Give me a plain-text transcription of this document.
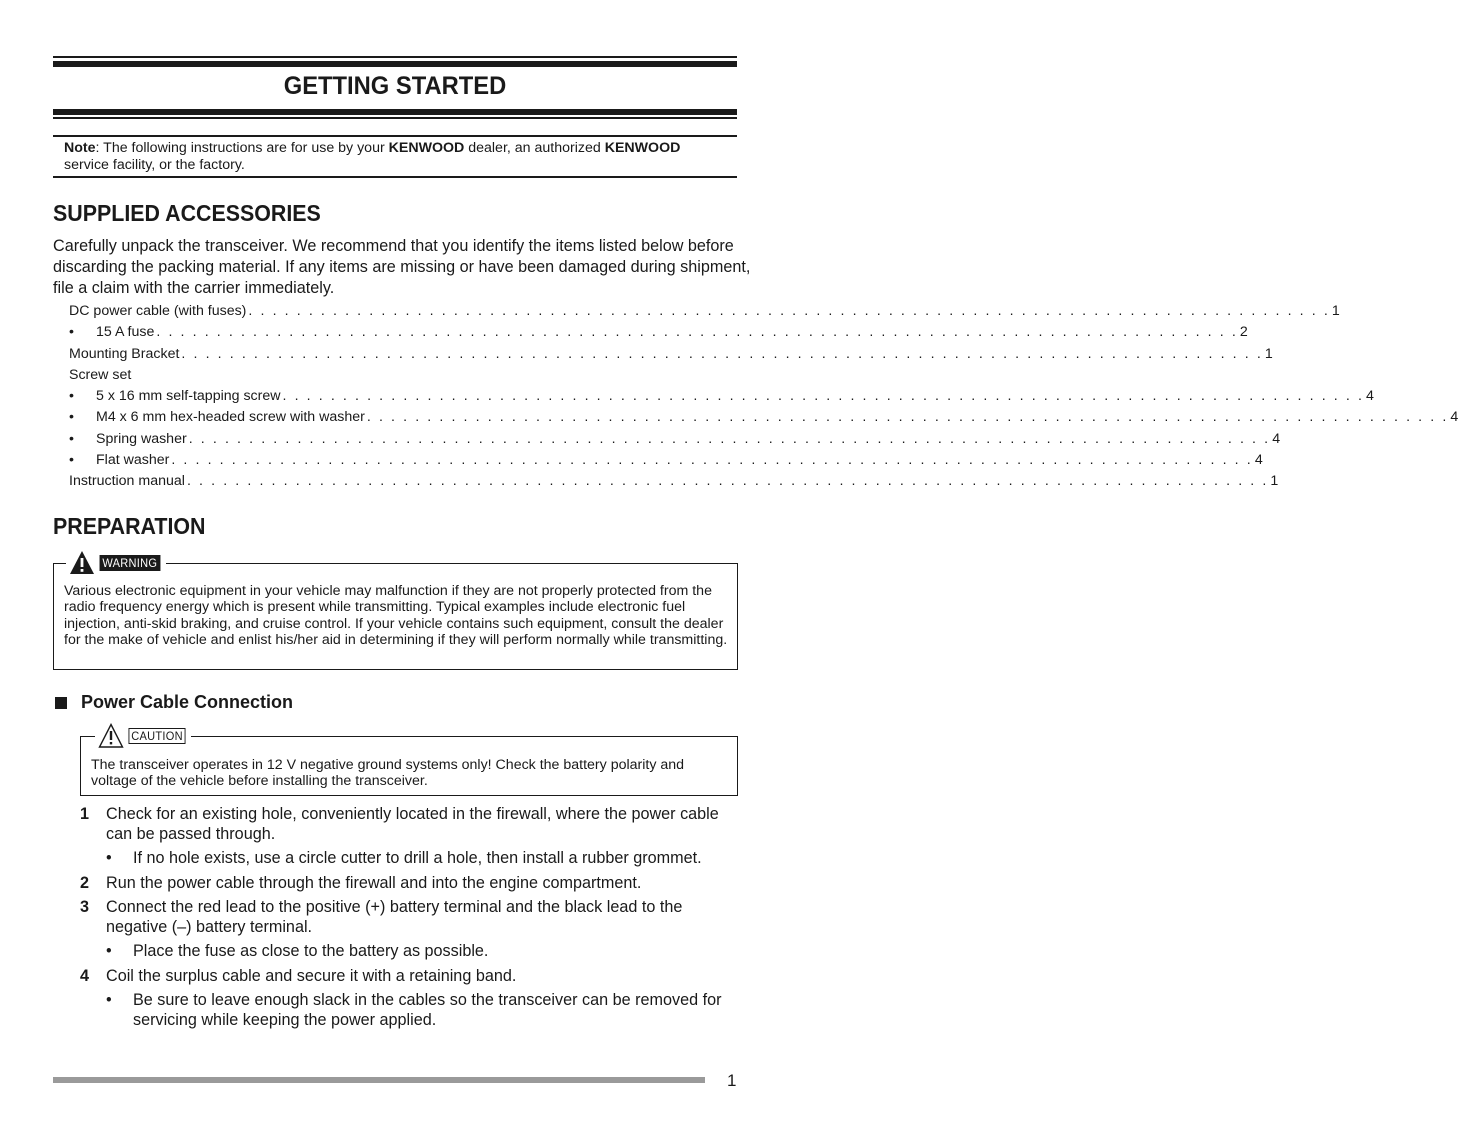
GETTING STARTED
Note: The following instructions are for use by your KENWOOD dealer, an authorized KENWOOD service facility, or the factory.
SUPPLIED ACCESSORIES
Carefully unpack the transceiver. We recommend that you identify the items listed below before discarding the packing material. If any items are missing or have been damaged during shipment, file a claim with the carrier immediately.
DC power cable (with fuses) . . . . . . . . . . . . . . . . . . . . . . . . . . . . . . . . . . . . . . . . . . . . . . . . . . . . . . . . . . . . . . . . . . . . . . . . . . . . . . . . . . . . . . . . . . 1
•	15 A fuse . . . . . . . . . . . . . . . . . . . . . . . . . . . . . . . . . . . . . . . . . . . . . . . . . . . . . . . . . . . . . . . . . . . . . . . . . . . . . . . . . . . . . . . . . . 2
Mounting Bracket . . . . . . . . . . . . . . . . . . . . . . . . . . . . . . . . . . . . . . . . . . . . . . . . . . . . . . . . . . . . . . . . . . . . . . . . . . . . . . . . . . . . . . . . . . 1
Screw set
•	5 x 16 mm self-tapping screw . . . . . . . . . . . . . . . . . . . . . . . . . . . . . . . . . . . . . . . . . . . . . . . . . . . . . . . . . . . . . . . . . . . . . . . . . . . . . . . . . . . . . . . . . . 4
•	M4 x 6 mm hex-headed screw with washer . . . . . . . . . . . . . . . . . . . . . . . . . . . . . . . . . . . . . . . . . . . . . . . . . . . . . . . . . . . . . . . . . . . . . . . . . . . . . . . . . . . . . . . . . . 4
•	Spring washer . . . . . . . . . . . . . . . . . . . . . . . . . . . . . . . . . . . . . . . . . . . . . . . . . . . . . . . . . . . . . . . . . . . . . . . . . . . . . . . . . . . . . . . . . . 4
•	Flat washer . . . . . . . . . . . . . . . . . . . . . . . . . . . . . . . . . . . . . . . . . . . . . . . . . . . . . . . . . . . . . . . . . . . . . . . . . . . . . . . . . . . . . . . . . . 4
Instruction manual . . . . . . . . . . . . . . . . . . . . . . . . . . . . . . . . . . . . . . . . . . . . . . . . . . . . . . . . . . . . . . . . . . . . . . . . . . . . . . . . . . . . . . . . . . 1
PREPARATION
WARNING
Various electronic equipment in your vehicle may malfunction if they are not properly protected from the radio frequency energy which is present while transmitting. Typical examples include electronic fuel injection, anti-skid braking, and cruise control. If your vehicle contains such equipment, consult the dealer for the make of vehicle and enlist his/her aid in determining if they will perform normally while transmitting.
Power Cable Connection
CAUTION
The transceiver operates in 12 V negative ground systems only! Check the battery polarity and voltage of the vehicle before installing the transceiver.
1	Check for an existing hole, conveniently located in the firewall, where the power cable can be passed through.
•	If no hole exists, use a circle cutter to drill a hole, then install a rubber grommet.
2	Run the power cable through the firewall and into the engine compartment.
3	Connect the red lead to the positive (+) battery terminal and the black lead to the negative (–) battery terminal.
•	Place the fuse as close to the battery as possible.
4	Coil the surplus cable and secure it with a retaining band.
•	Be sure to leave enough slack in the cables so the transceiver can be removed for servicing while keeping the power applied.
1
